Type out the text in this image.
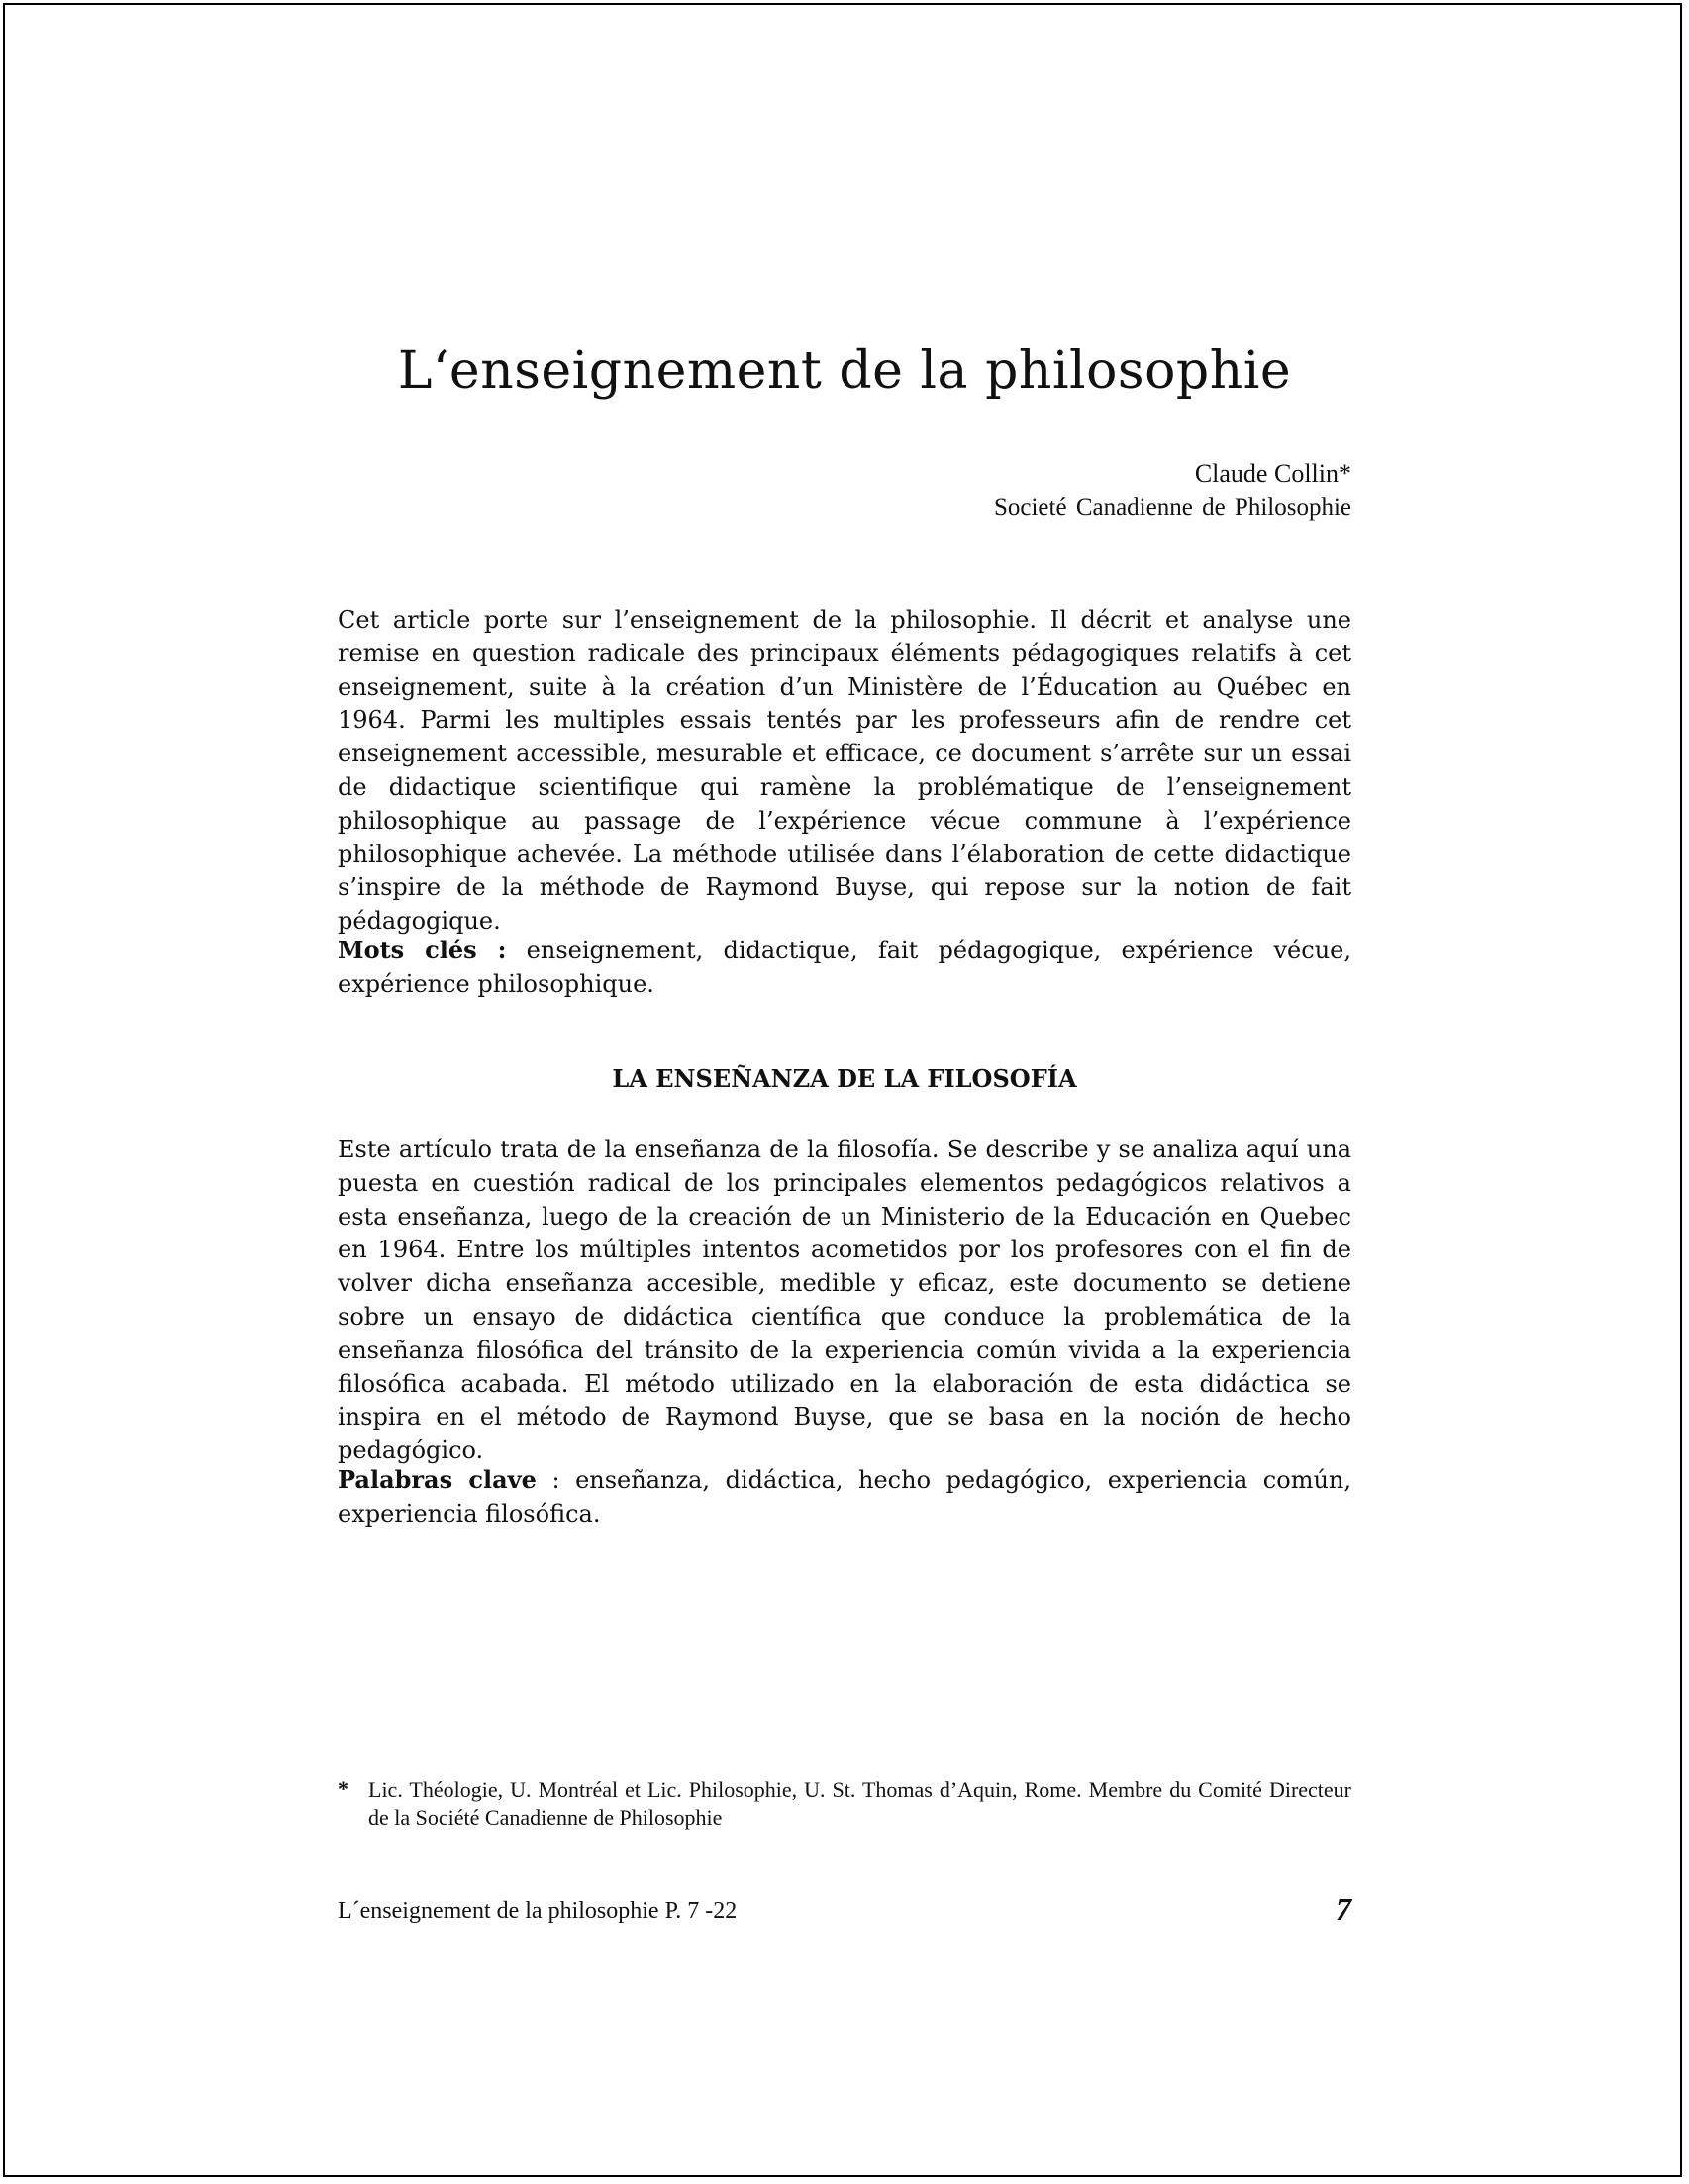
L‘enseignement de la philosophie
Claude Collin*
Societé Canadienne de Philosophie

Cet article porte sur l’enseignement de la philosophie. Il décrit et analyse une remise en question radicale des principaux éléments pédagogiques relatifs à cet enseignement, suite à la création d’un Ministère de l’Éducation au Québec en 1964. Parmi les multiples essais tentés par les professeurs afin de rendre cet enseignement accessible, mesurable et efficace, ce document s’arrête sur un essai de didactique scientifique qui ramène la problématique de l’enseignement philosophique au passage de l’expérience vécue commune à l’expérience philosophique achevée. La méthode utilisée dans l’élaboration de cette didactique s’inspire de la méthode de Raymond Buyse, qui repose sur la notion de fait pédagogique.

Mots clés : enseignement, didactique, fait pédagogique, expérience vécue, expérience philosophique.

LA ENSEÑANZA DE LA FILOSOFÍA

Este artículo trata de la enseñanza de la filosofía. Se describe y se analiza aquí una puesta en cuestión radical de los principales elementos pedagógicos relativos a esta enseñanza, luego de la creación de un Ministerio de la Educación en Quebec en 1964. Entre los múltiples intentos acometidos por los profesores con el fin de volver dicha enseñanza accesible, medible y eficaz, este documento se detiene sobre un ensayo de didáctica científica que conduce la problemática de la enseñanza filosófica del tránsito de la experiencia común vivida a la experiencia filosófica acabada. El método utilizado en la elaboración de esta didáctica se inspira en el método de Raymond Buyse, que se basa en la noción de hecho pedagógico.

Palabras clave : enseñanza, didáctica, hecho pedagógico, experiencia común, experiencia filosófica.

* Lic. Théologie, U. Montréal et Lic. Philosophie, U. St. Thomas d’Aquin, Rome. Membre du Comité Directeur de la Société Canadienne de Philosophie
L´enseignement de la philosophie P. 7 -22	7
